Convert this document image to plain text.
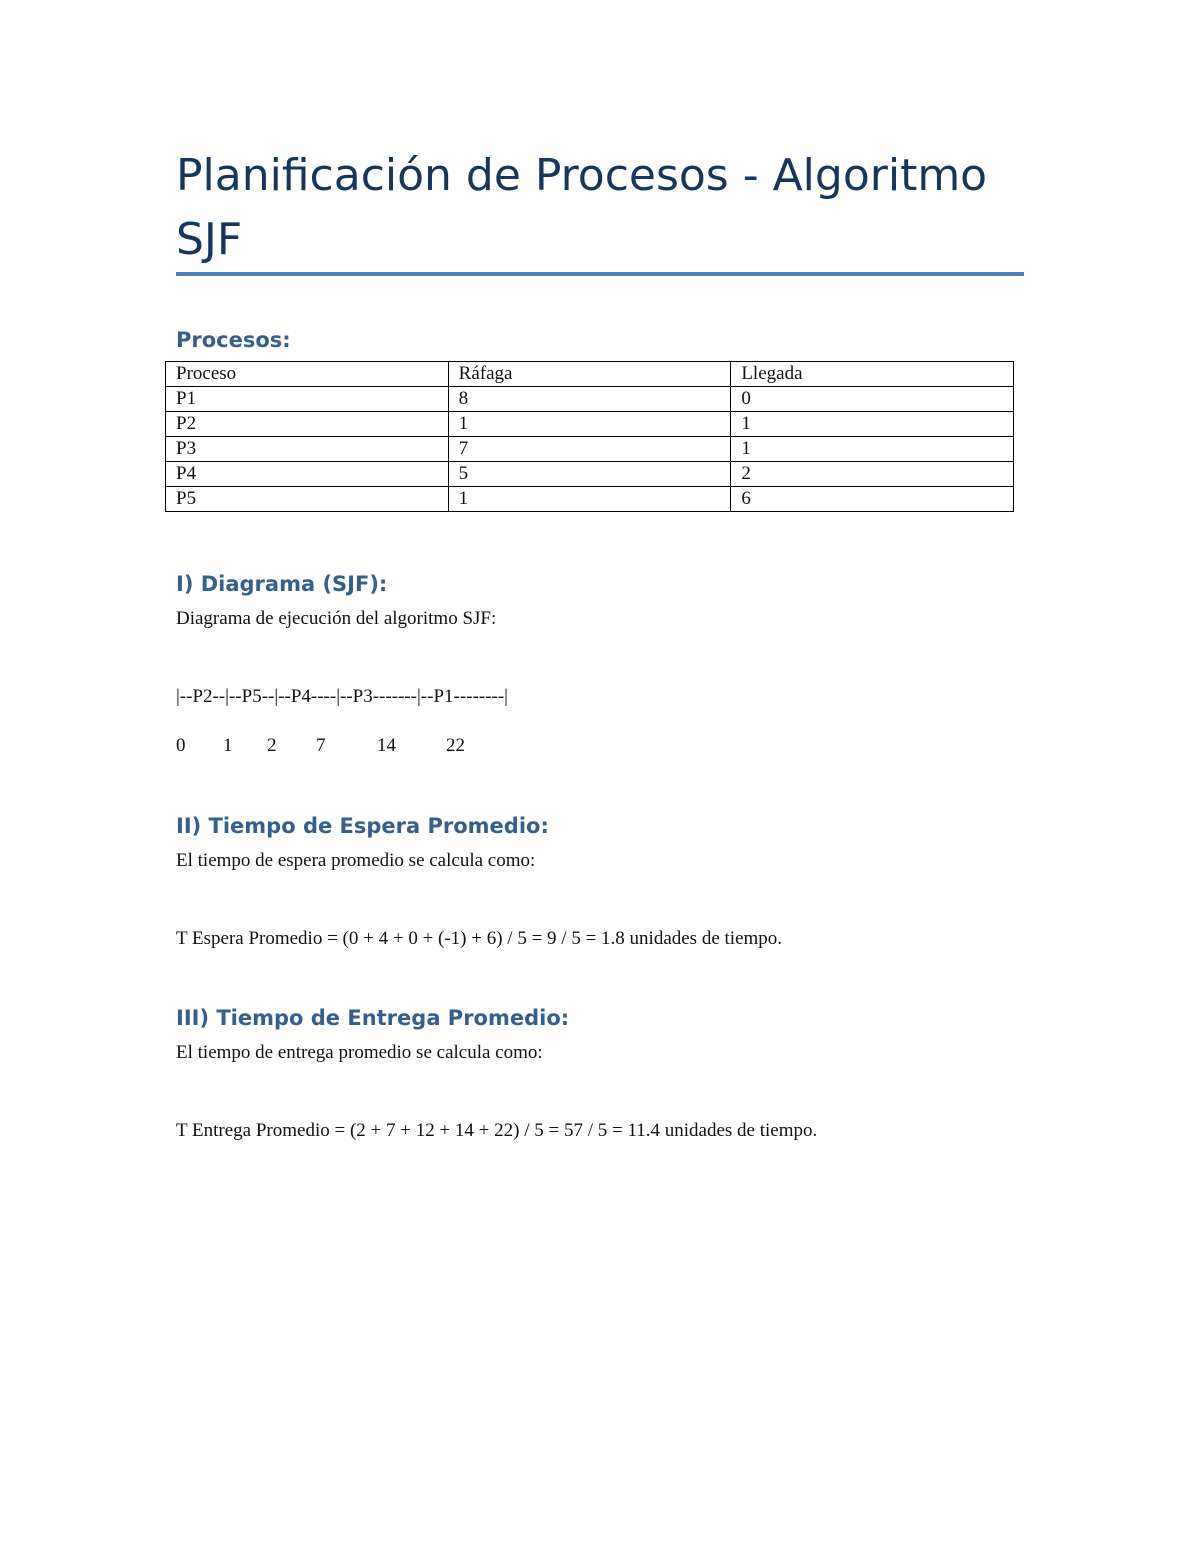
Planificación de Procesos - Algoritmo SJF
Procesos:
Proceso	Ráfaga	Llegada
P1	8	0
P2	1	1
P3	7	1
P4	5	2
P5	1	6
I) Diagrama (SJF):

Diagrama de ejecución del algoritmo SJF:

|--P2--|--P5--|--P4----|--P3-------|--P1--------|

0 1 2 7	14	22
II) Tiempo de Espera Promedio:

El tiempo de espera promedio se calcula como:

T Espera Promedio = (0 + 4 + 0 + (-1) + 6) / 5 = 9 / 5 = 1.8 unidades de tiempo.

III) Tiempo de Entrega Promedio:

El tiempo de entrega promedio se calcula como:

T Entrega Promedio = (2 + 7 + 12 + 14 + 22) / 5 = 57 / 5 = 11.4 unidades de tiempo.
